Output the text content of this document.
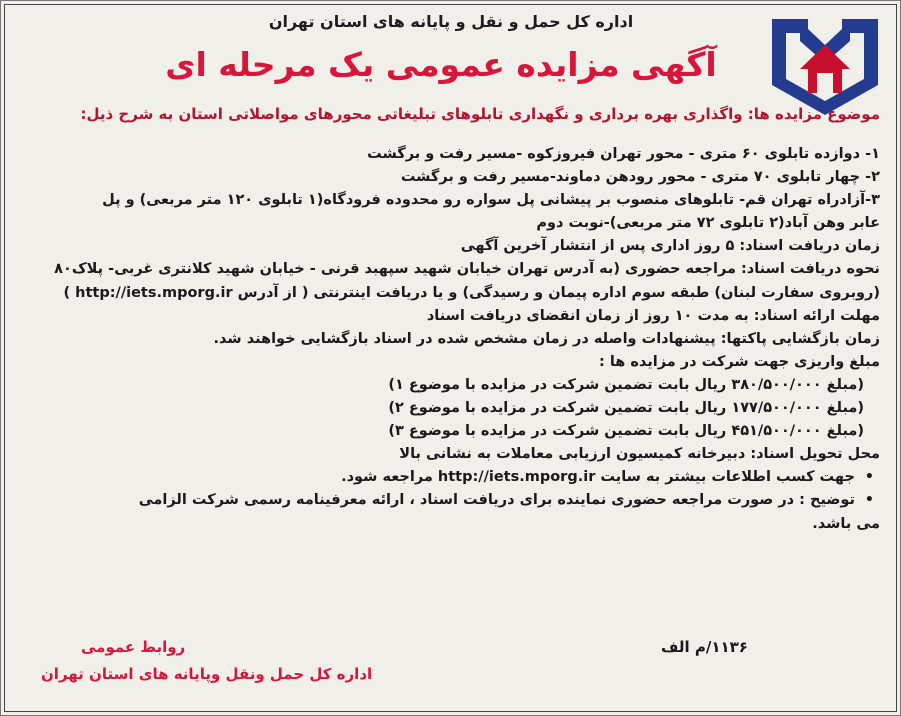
اداره کل حمل و نقل و پایانه های استان تهران
آگهی مزایده عمومی یک مرحله ای
موضوع مزایده ها: واگذاری بهره برداری و نگهداری تابلوهای تبلیغاتی محورهای مواصلاتی استان به شرح ذیل:
۱- دوازده تابلوی ۶۰ متری - محور تهران فیروزکوه -مسیر رفت و برگشت
۲- چهار تابلوی ۷۰ متری - محور رودهن دماوند-مسیر رفت و برگشت
۳-آزادراه تهران قم- تابلوهای منصوب بر پیشانی پل سواره رو محدوده فرودگاه(۱ تابلوی ۱۲۰ متر مربعی) و پل
عابر وهن آباد(۲ تابلوی ۷۲ متر مربعی)-نوبت دوم
زمان دریافت اسناد: ۵ روز اداری پس از انتشار آخرین آگهی
نحوه دریافت اسناد: مراجعه حضوری (به آدرس تهران خیابان شهید سپهبد قرنی - خیابان شهید کلانتری غربی- پلاک۸۰
(روبروی سفارت لبنان) طبقه سوم اداره پیمان و رسیدگی) و یا دریافت اینترنتی ( از آدرس http://iets.mporg.ir )
مهلت ارائه اسناد: به مدت ۱۰ روز از زمان انقضای دریافت اسناد
زمان بازگشایی پاکتها: پیشنهادات واصله در زمان مشخص شده در اسناد بازگشایی خواهند شد.
مبلغ واریزی جهت شرکت در مزایده ها :
(مبلغ ۳۸۰/۵۰۰/۰۰۰ ریال بابت تضمین شرکت در مزایده با موضوع ۱)
(مبلغ ۱۷۷/۵۰۰/۰۰۰ ریال بابت تضمین شرکت در مزایده با موضوع ۲)
(مبلغ ۴۵۱/۵۰۰/۰۰۰ ریال بابت تضمین شرکت در مزایده با موضوع ۳)
محل تحویل اسناد: دبیرخانه کمیسیون ارزیابی معاملات به نشانی بالا
• جهت کسب اطلاعات بیشتر به سایت http://iets.mporg.ir مراجعه شود.
• توضیح : در صورت مراجعه حضوری نماینده برای دریافت اسناد ، ارائه معرفینامه رسمی شرکت الزامی
می باشد.
۱۱۳۶/م الف
روابط عمومی
اداره کل حمل ونقل وپایانه های استان تهران
